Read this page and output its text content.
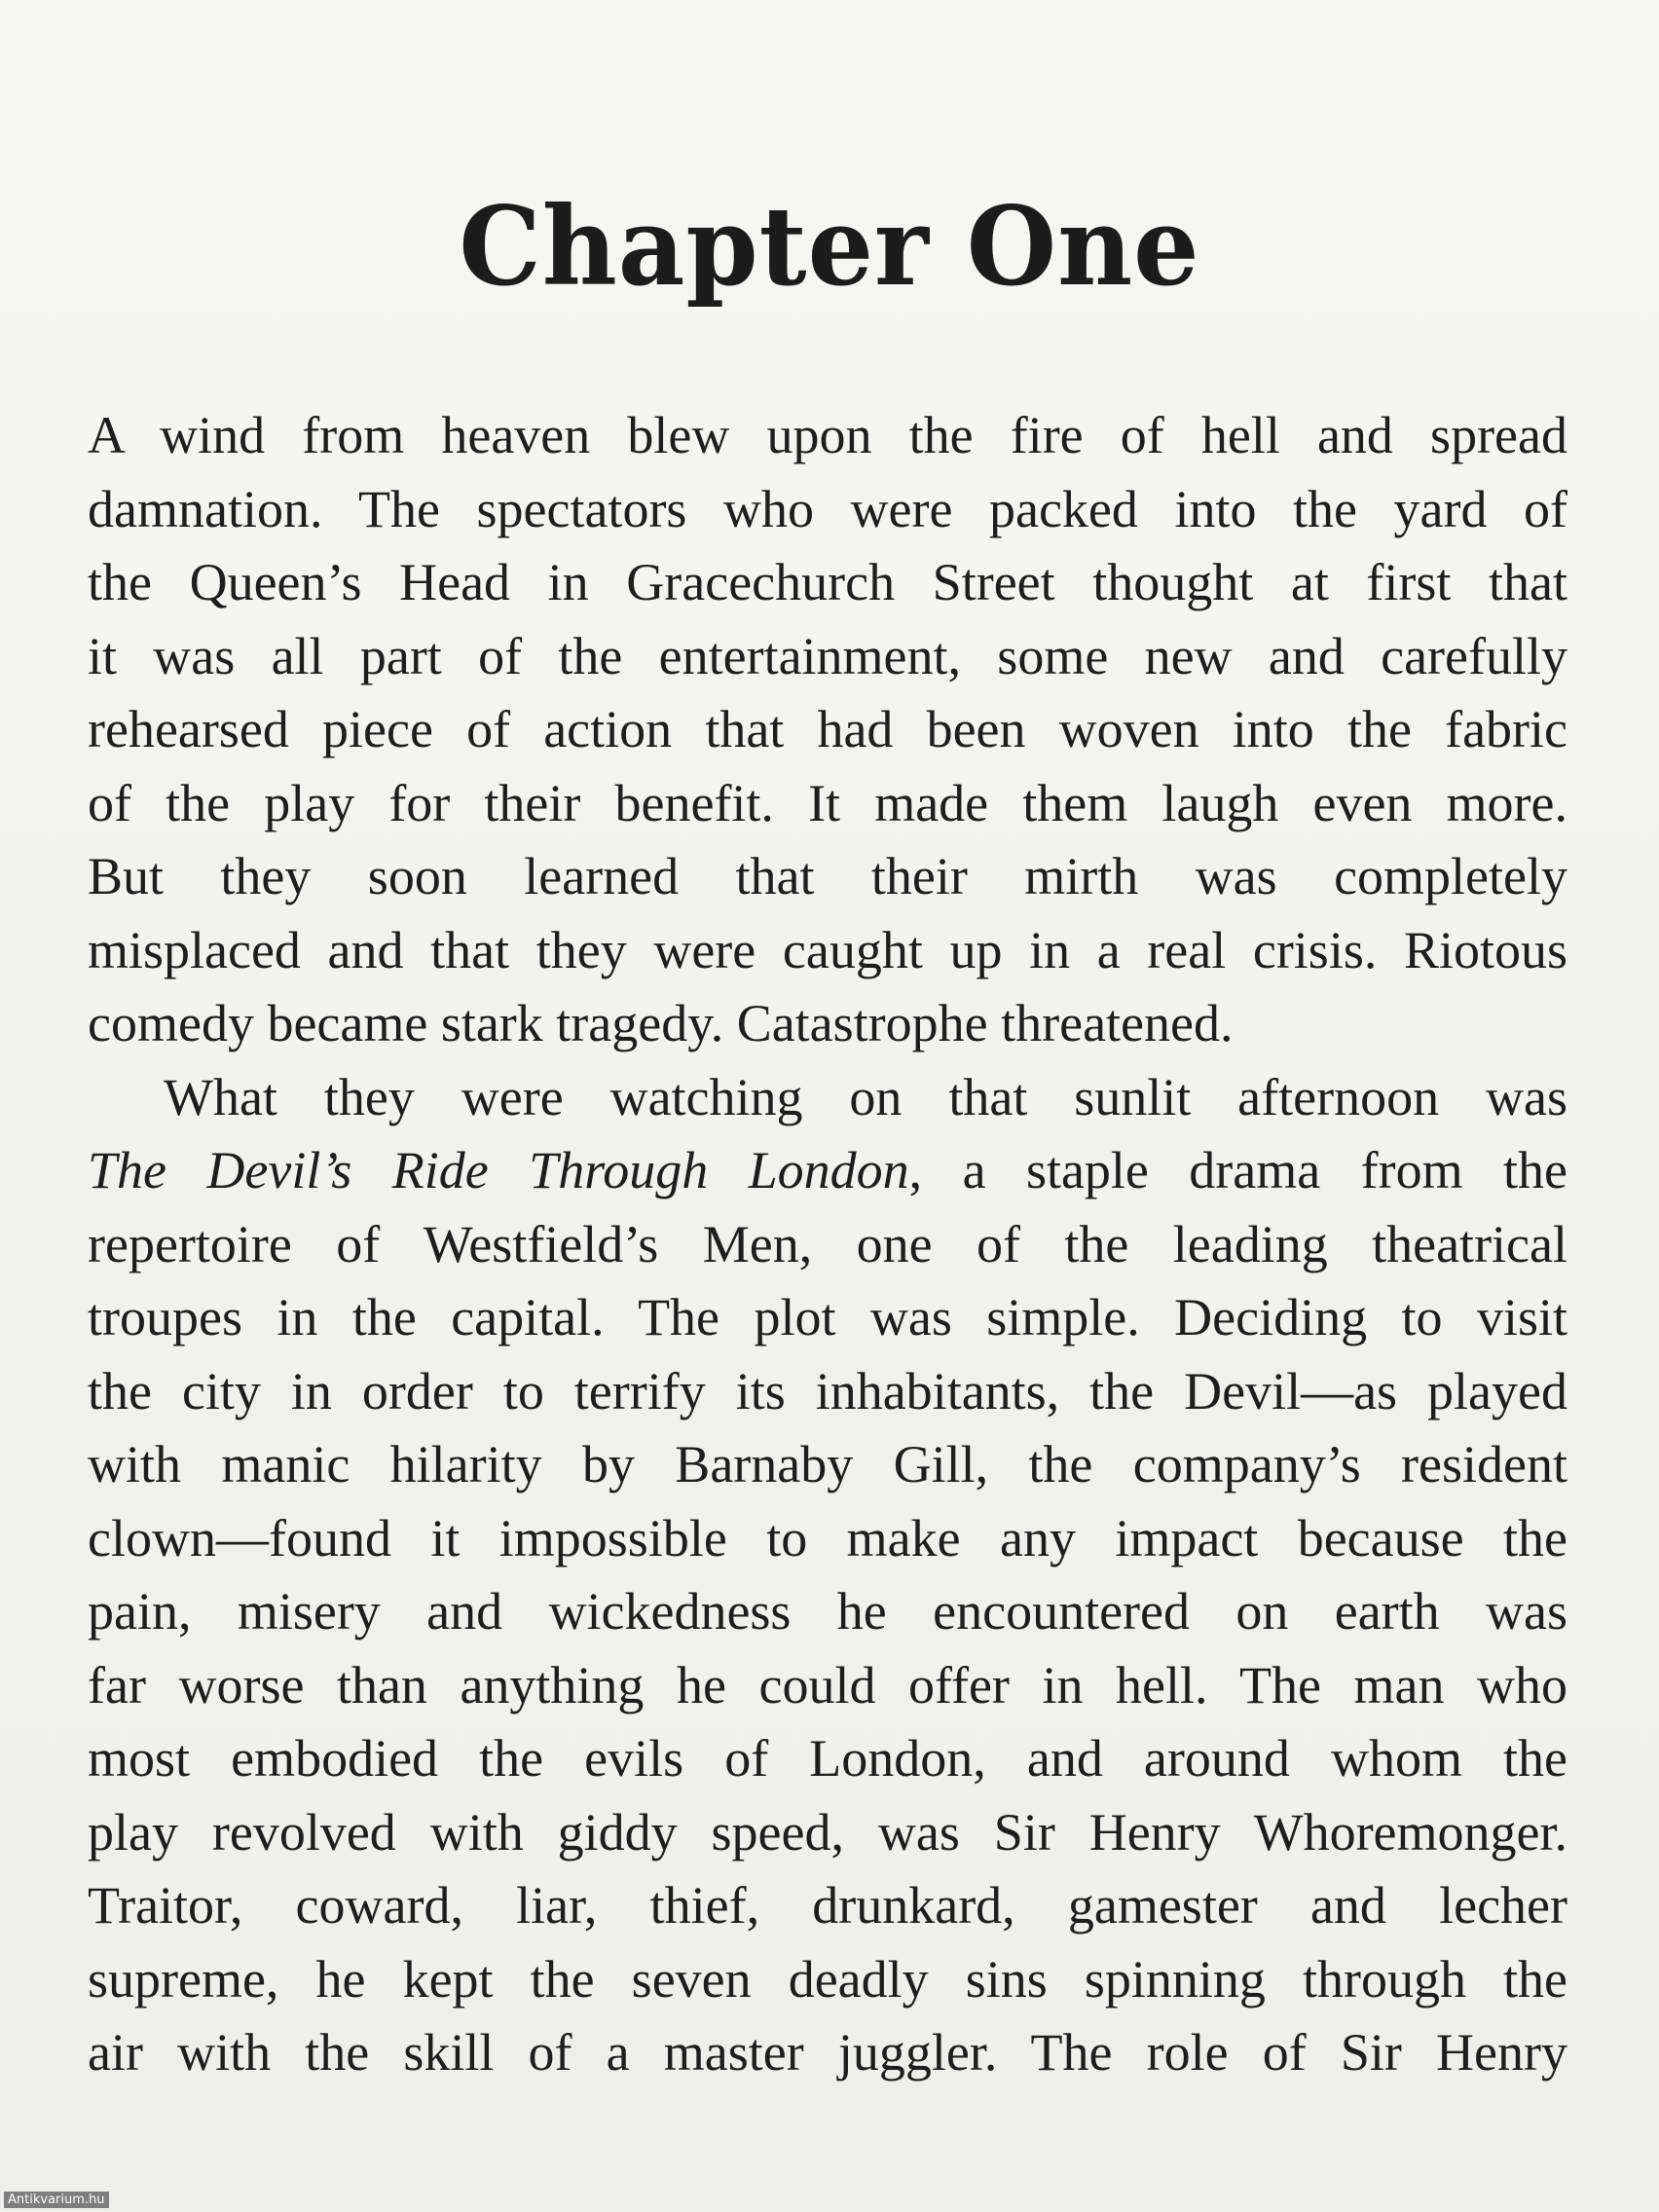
Chapter One
A wind from heaven blew upon the fire of hell and spread
damnation. The spectators who were packed into the yard of
the Queen’s Head in Gracechurch Street thought at first that
it was all part of the entertainment, some new and carefully
rehearsed piece of action that had been woven into the fabric
of the play for their benefit. It made them laugh even more.
But they soon learned that their mirth was completely
misplaced and that they were caught up in a real crisis. Riotous
comedy became stark tragedy. Catastrophe threatened.
What they were watching on that sunlit afternoon was
The Devil’s Ride Through London, a staple drama from the
repertoire of Westfield’s Men, one of the leading theatrical
troupes in the capital. The plot was simple. Deciding to visit
the city in order to terrify its inhabitants, the Devil—as played
with manic hilarity by Barnaby Gill, the company’s resident
clown—found it impossible to make any impact because the
pain, misery and wickedness he encountered on earth was
far worse than anything he could offer in hell. The man who
most embodied the evils of London, and around whom the
play revolved with giddy speed, was Sir Henry Whoremonger.
Traitor, coward, liar, thief, drunkard, gamester and lecher
supreme, he kept the seven deadly sins spinning through the
air with the skill of a master juggler. The role of Sir Henry
Antikvarium.hu
